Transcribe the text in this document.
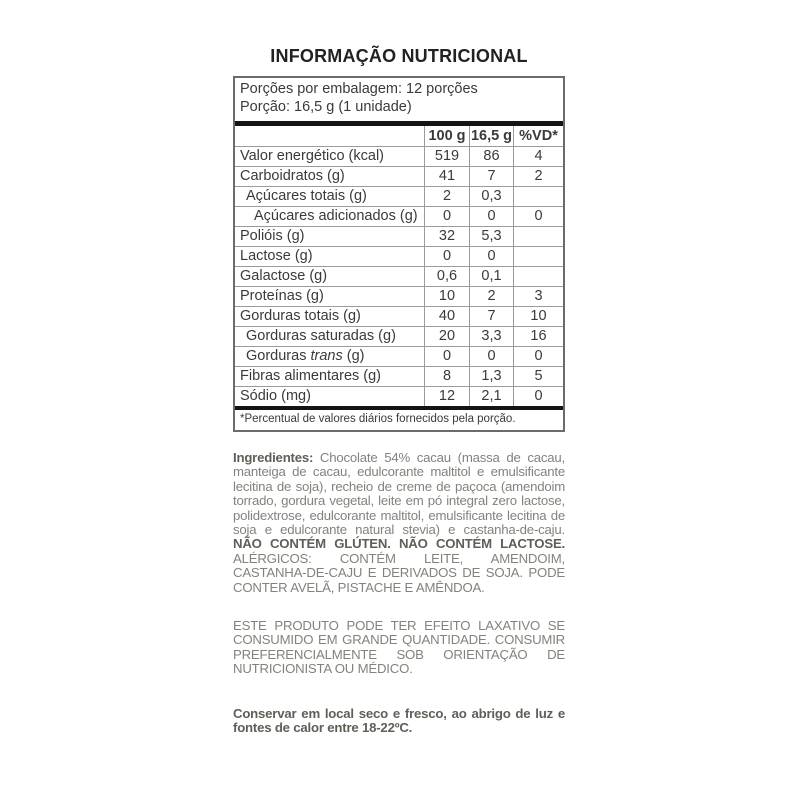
INFORMAÇÃO NUTRICIONAL
Porções por embalagem: 12 porções
Porção: 16,5 g (1 unidade)
100 g 16,5 g %VD*
Valor energético (kcal)	519	86	4
Carboidratos (g)	41	7	2
Açúcares totais (g)	2	0,3
Açúcares adicionados (g)	0	0	0
Polióis (g)	32	5,3
Lactose (g)	0	0
Galactose (g)	0,6	0,1
Proteínas (g)	10	2	3
Gorduras totais (g)	40	7	10
Gorduras saturadas (g)	20	3,3	16
Gorduras trans (g)	0	0	0
Fibras alimentares (g)	8	1,3	5
Sódio (mg)	12	2,1	0
*Percentual de valores diários fornecidos pela porção.

Ingredientes: Chocolate 54% cacau (massa de cacau, manteiga de cacau, edulcorante maltitol e emulsificante lecitina de soja), recheio de creme de paçoca (amendoim torrado, gordura vegetal, leite em pó integral zero lactose, polidextrose, edulcorante maltitol, emulsificante lecitina de soja e edulcorante natural stevia) e castanha-de-caju. NÃO CONTÉM GLÚTEN. NÃO CONTÉM LACTOSE. ALÉRGICOS: CONTÉM LEITE, AMENDOIM, CASTANHA-DE-CAJU E DERIVADOS DE SOJA. PODE CONTER AVELÃ, PISTACHE E AMÊNDOA.

ESTE PRODUTO PODE TER EFEITO LAXATIVO SE CONSUMIDO EM GRANDE QUANTIDADE. CONSUMIR PREFERENCIALMENTE SOB ORIENTAÇÃO DE NUTRICIONISTA OU MÉDICO.

Conservar em local seco e fresco, ao abrigo de luz e fontes de calor entre 18-22ºC.
